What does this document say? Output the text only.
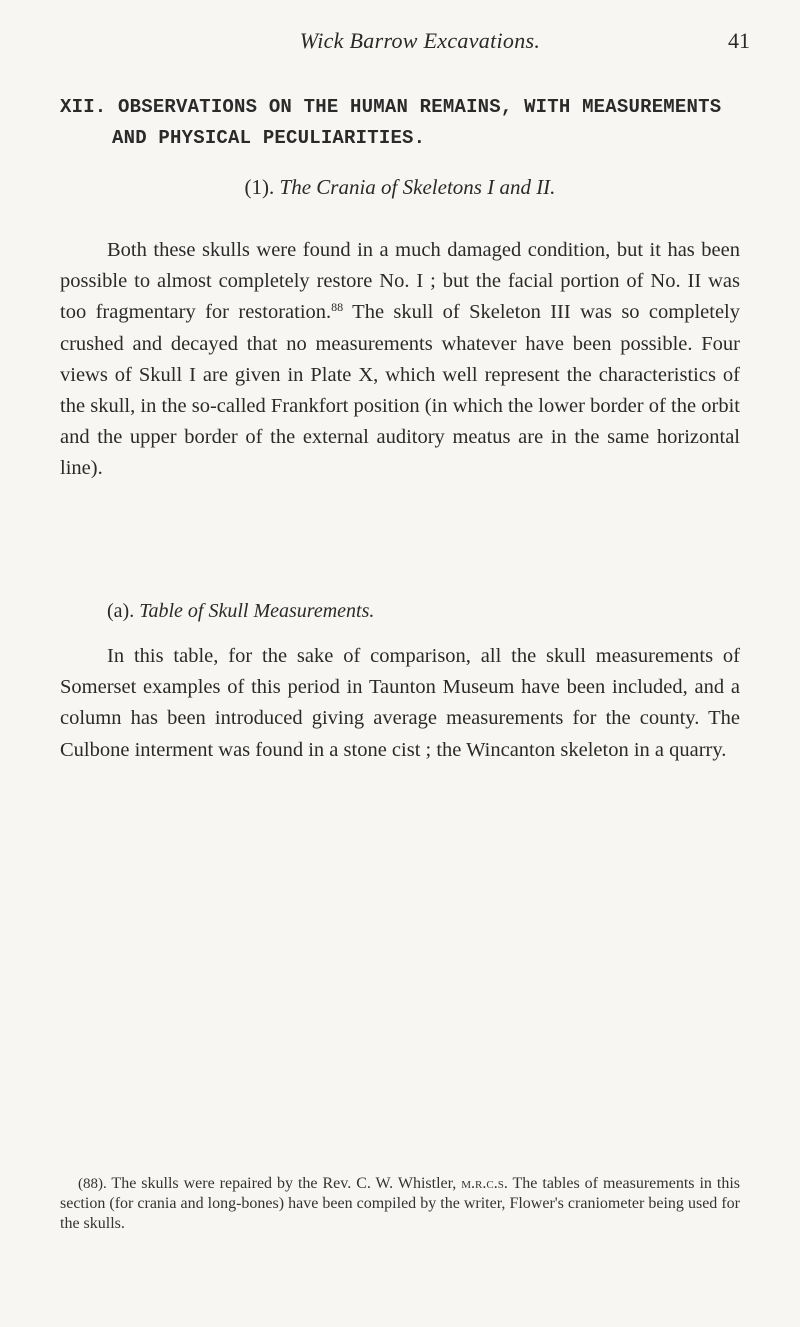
Wick Barrow Excavations.	41
XII. OBSERVATIONS ON THE HUMAN REMAINS, WITH MEASUREMENTS AND PHYSICAL PECULIARITIES.
(1). The Crania of Skeletons I and II.

Both these skulls were found in a much damaged condition, but it has been possible to almost completely restore No. I ; but the facial portion of No. II was too fragmentary for restoration.$^{88}$ The skull of Skeleton III was so completely crushed and decayed that no measurements whatever have been possible. Four views of Skull I are given in Plate X, which well represent the characteristics of the skull, in the so-called Frankfort position (in which the lower border of the orbit and the upper border of the external auditory meatus are in the same horizontal line).

(a). Table of Skull Measurements.

In this table, for the sake of comparison, all the skull measurements of Somerset examples of this period in Taunton Museum have been included, and a column has been introduced giving average measurements for the county. The Culbone interment was found in a stone cist ; the Wincanton skeleton in a quarry.

(88). The skulls were repaired by the Rev. C. W. Whistler, m.r.c.s. The tables of measurements in this section (for crania and long-bones) have been compiled by the writer, Flower's craniometer being used for the skulls.
